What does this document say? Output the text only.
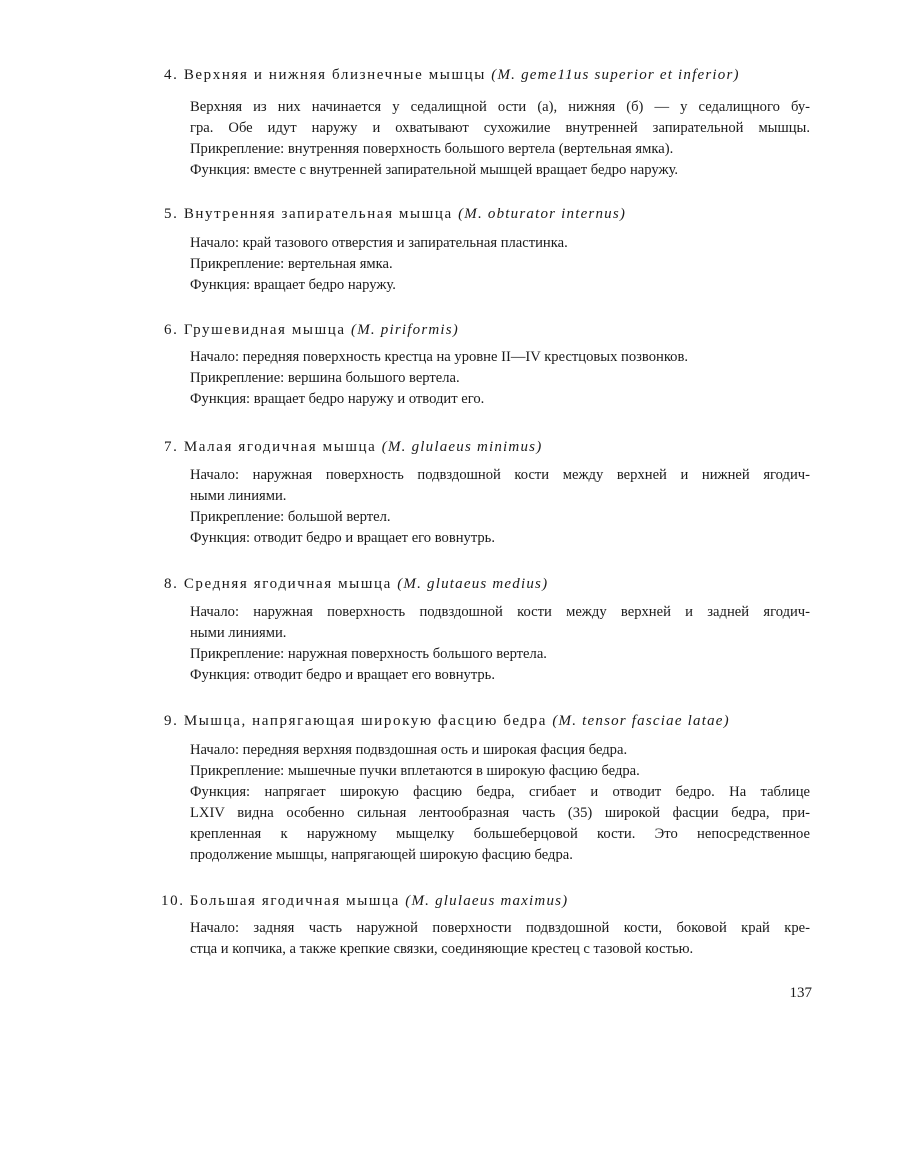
4. Верхняя и нижняя близнечные мышцы (M. geme11us superior et inferior)

Верхняя из них начинается у седалищной ости (а), нижняя (б) — у седалищного бу-

гра. Обе идут наружу и охватывают сухожилие внутренней запирательной мышцы.

Прикрепление: внутренняя поверхность большого вертела (вертельная ямка).

Функция: вместе с внутренней запирательной мышцей вращает бедро наружу.

5. Внутренняя запирательная мышца (M. obturator internus)

Начало: край тазового отверстия и запирательная пластинка.

Прикрепление: вертельная ямка.

Функция: вращает бедро наружу.

6. Грушевидная мышца (M. piriformis)

Начало: передняя поверхность крестца на уровне II—IV крестцовых позвонков.

Прикрепление: вершина большого вертела.

Функция: вращает бедро наружу и отводит его.

7. Малая ягодичная мышца (M. glulaeus minimus)

Начало: наружная поверхность подвздошной кости между верхней и нижней ягодич-

ными линиями.

Прикрепление: большой вертел.

Функция: отводит бедро и вращает его вовнутрь.

8. Средняя ягодичная мышца (M. glutaeus medius)

Начало: наружная поверхность подвздошной кости между верхней и задней ягодич-

ными линиями.

Прикрепление: наружная поверхность большого вертела.

Функция: отводит бедро и вращает его вовнутрь.

9. Мышца, напрягающая широкую фасцию бедра (M. tensor fasciae latae)

Начало: передняя верхняя подвздошная ость и широкая фасция бедра.

Прикрепление: мышечные пучки вплетаются в широкую фасцию бедра.

Функция: напрягает широкую фасцию бедра, сгибает и отводит бедро. На таблице

LXIV видна особенно сильная лентообразная часть (35) широкой фасции бедра, при-

крепленная к наружному мыщелку большеберцовой кости. Это непосредственное

продолжение мышцы, напрягающей широкую фасцию бедра.

10. Большая ягодичная мышца (M. glulaeus maximus)

Начало: задняя часть наружной поверхности подвздошной кости, боковой край кре-

стца и копчика, а также крепкие связки, соединяющие крестец с тазовой костью.

137
